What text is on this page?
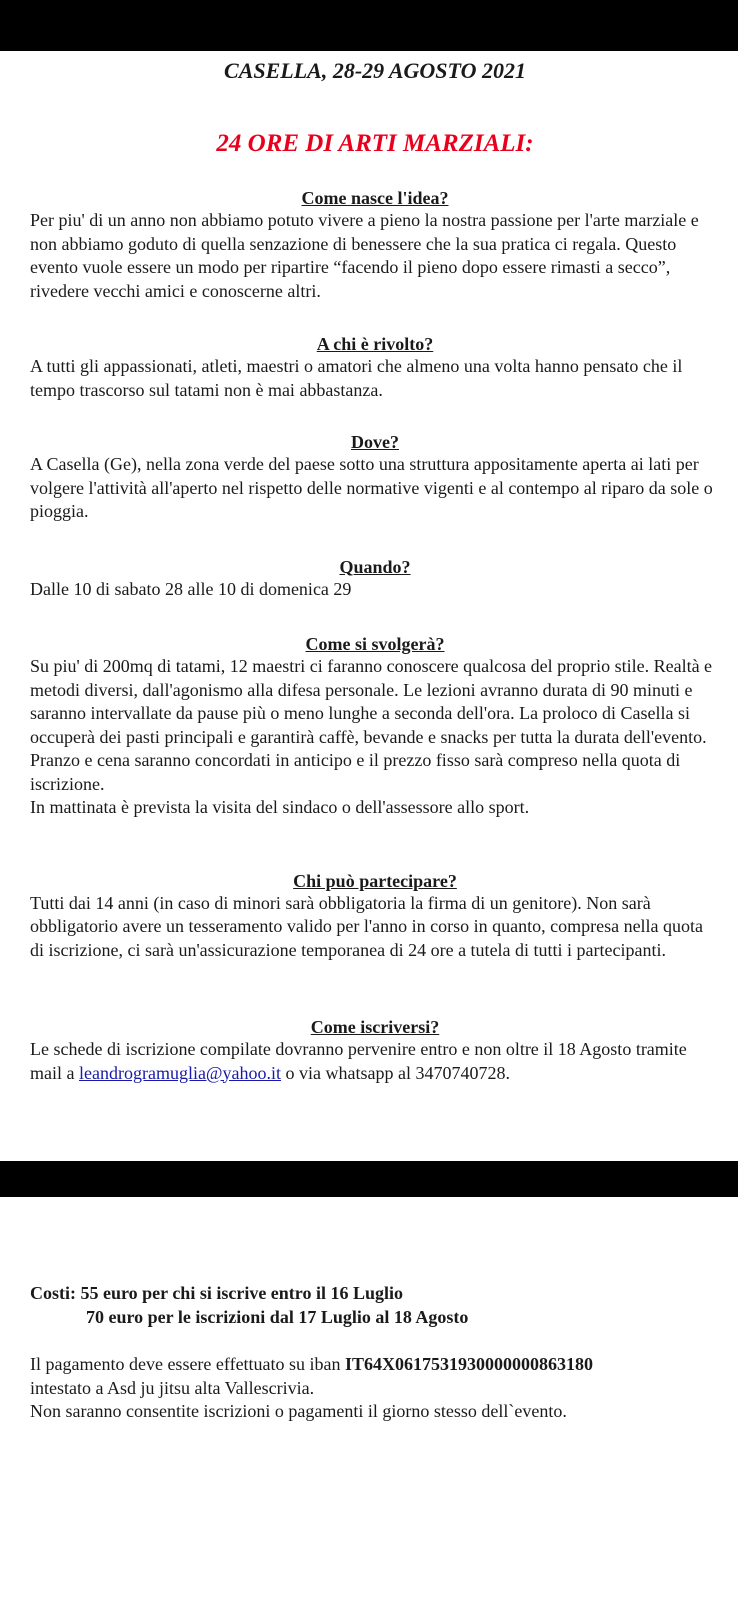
CASELLA, 28-29 AGOSTO 2021
24 ORE DI ARTI MARZIALI:
Come nasce l'idea?

Per piu' di un anno non abbiamo potuto vivere a pieno la nostra passione per l'arte marziale e non abbiamo goduto di quella senzazione di benessere che la sua pratica ci regala. Questo evento vuole essere un modo per ripartire “facendo il pieno dopo essere rimasti a secco”, rivedere vecchi amici e conoscerne altri.

A chi è rivolto?

A tutti gli appassionati, atleti, maestri o amatori che almeno una volta hanno pensato che il tempo trascorso sul tatami non è mai abbastanza.

Dove?

A Casella (Ge), nella zona verde del paese sotto una struttura appositamente aperta ai lati per volgere l'attività all'aperto nel rispetto delle normative vigenti e al contempo al riparo da sole o pioggia.

Quando?

Dalle 10 di sabato 28 alle 10 di domenica 29

Come si svolgerà?

Su piu' di 200mq di tatami, 12 maestri ci faranno conoscere qualcosa del proprio stile. Realtà e metodi diversi, dall'agonismo alla difesa personale. Le lezioni avranno durata di 90 minuti e saranno intervallate da pause più o meno lunghe a seconda dell'ora. La proloco di Casella si occuperà dei pasti principali e garantirà caffè, bevande e snacks per tutta la durata dell'evento. Pranzo e cena saranno concordati in anticipo e il prezzo fisso sarà compreso nella quota di iscrizione.

In mattinata è prevista la visita del sindaco o dell'assessore allo sport.

Chi può partecipare?

Tutti dai 14 anni (in caso di minori sarà obbligatoria la firma di un genitore). Non sarà obbligatorio avere un tesseramento valido per l'anno in corso in quanto, compresa nella quota di iscrizione, ci sarà un'assicurazione temporanea di 24 ore a tutela di tutti i partecipanti.

Come iscriversi?

Le schede di iscrizione compilate dovranno pervenire entro e non oltre il 18 Agosto tramite mail a leandrogramuglia@yahoo.it o via whatsapp al 3470740728.

Costi: 55 euro per chi si iscrive entro il 16 Luglio
70 euro per le iscrizioni dal 17 Luglio al 18 Agosto
Il pagamento deve essere effettuato su iban IT64X0617531930000000863180
intestato a Asd ju jitsu alta Vallescrivia.
Non saranno consentite iscrizioni o pagamenti il giorno stesso dell`evento.
